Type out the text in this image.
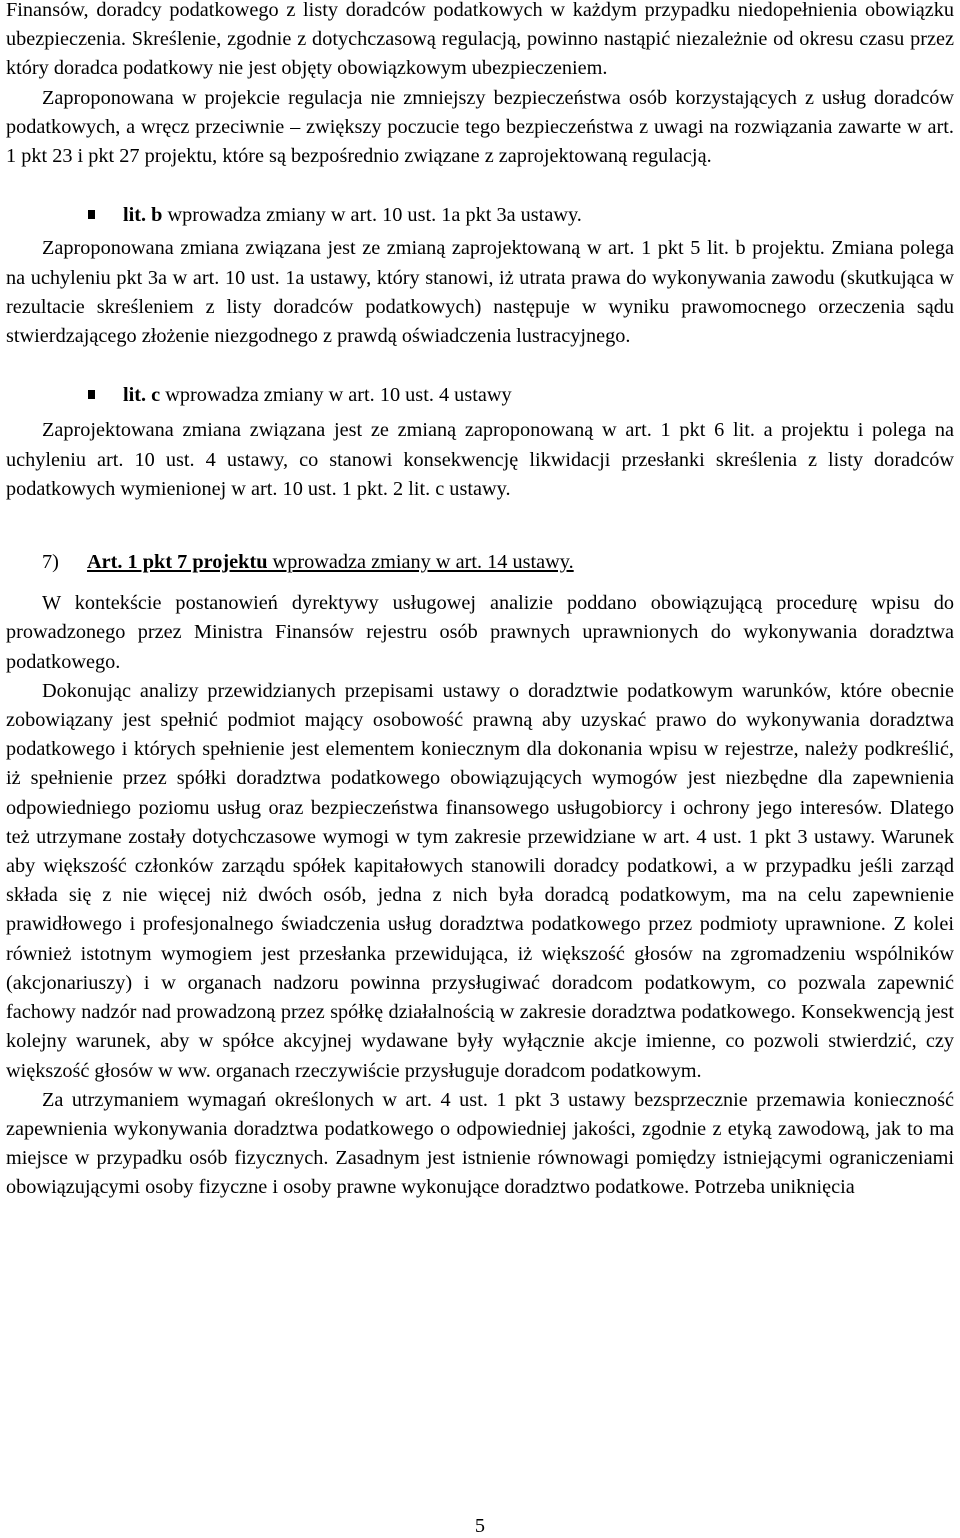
Finansów, doradcy podatkowego z listy doradców podatkowych w każdym przypadku niedopełnienia obowiązku ubezpieczenia. Skreślenie, zgodnie z dotychczasową regulacją, powinno nastąpić niezależnie od okresu czasu przez który doradca podatkowy nie jest objęty obowiązkowym ubezpieczeniem.

Zaproponowana w projekcie regulacja nie zmniejszy bezpieczeństwa osób korzystających z usług doradców podatkowych, a wręcz przeciwnie – zwiększy poczucie tego bezpieczeństwa z uwagi na rozwiązania zawarte w art. 1 pkt 23 i pkt 27 projektu, które są bezpośrednio związane z zaprojektowaną regulacją.

lit. b wprowadza zmiany w art. 10 ust. 1a pkt 3a ustawy.

Zaproponowana zmiana związana jest ze zmianą zaprojektowaną w art. 1 pkt 5 lit. b projektu. Zmiana polega na uchyleniu pkt 3a w art. 10 ust. 1a ustawy, który stanowi, iż utrata prawa do wykonywania zawodu (skutkująca w rezultacie skreśleniem z listy doradców podatkowych) następuje w wyniku prawomocnego orzeczenia sądu stwierdzającego złożenie niezgodnego z prawdą oświadczenia lustracyjnego.

lit. c wprowadza zmiany w art. 10 ust. 4 ustawy

Zaprojektowana zmiana związana jest ze zmianą zaproponowaną w art. 1 pkt 6 lit. a projektu i polega na uchyleniu art. 10 ust. 4 ustawy, co stanowi konsekwencję likwidacji przesłanki skreślenia z listy doradców podatkowych wymienionej w art. 10 ust. 1 pkt. 2 lit. c ustawy.

7) Art. 1 pkt 7 projektu wprowadza zmiany w art. 14 ustawy.

W kontekście postanowień dyrektywy usługowej analizie poddano obowiązującą procedurę wpisu do prowadzonego przez Ministra Finansów rejestru osób prawnych uprawnionych do wykonywania doradztwa podatkowego.

Dokonując analizy przewidzianych przepisami ustawy o doradztwie podatkowym warunków, które obecnie zobowiązany jest spełnić podmiot mający osobowość prawną aby uzyskać prawo do wykonywania doradztwa podatkowego i których spełnienie jest elementem koniecznym dla dokonania wpisu w rejestrze, należy podkreślić, iż spełnienie przez spółki doradztwa podatkowego obowiązujących wymogów jest niezbędne dla zapewnienia odpowiedniego poziomu usług oraz bezpieczeństwa finansowego usługobiorcy i ochrony jego interesów. Dlatego też utrzymane zostały dotychczasowe wymogi w tym zakresie przewidziane w art. 4 ust. 1 pkt 3 ustawy. Warunek aby większość członków zarządu spółek kapitałowych stanowili doradcy podatkowi, a w przypadku jeśli zarząd składa się z nie więcej niż dwóch osób, jedna z nich była doradcą podatkowym, ma na celu zapewnienie prawidłowego i profesjonalnego świadczenia usług doradztwa podatkowego przez podmioty uprawnione. Z kolei również istotnym wymogiem jest przesłanka przewidująca, iż większość głosów na zgromadzeniu wspólników (akcjonariuszy) i w organach nadzoru powinna przysługiwać doradcom podatkowym, co pozwala zapewnić fachowy nadzór nad prowadzoną przez spółkę działalnością w zakresie doradztwa podatkowego. Konsekwencją jest kolejny warunek, aby w spółce akcyjnej wydawane były wyłącznie akcje imienne, co pozwoli stwierdzić, czy większość głosów w ww. organach rzeczywiście przysługuje doradcom podatkowym.

Za utrzymaniem wymagań określonych w art. 4 ust. 1 pkt 3 ustawy bezsprzecznie przemawia konieczność zapewnienia wykonywania doradztwa podatkowego o odpowiedniej jakości, zgodnie z etyką zawodową, jak to ma miejsce w przypadku osób fizycznych. Zasadnym jest istnienie równowagi pomiędzy istniejącymi ograniczeniami obowiązującymi osoby fizyczne i osoby prawne wykonujące doradztwo podatkowe. Potrzeba uniknięcia

5
